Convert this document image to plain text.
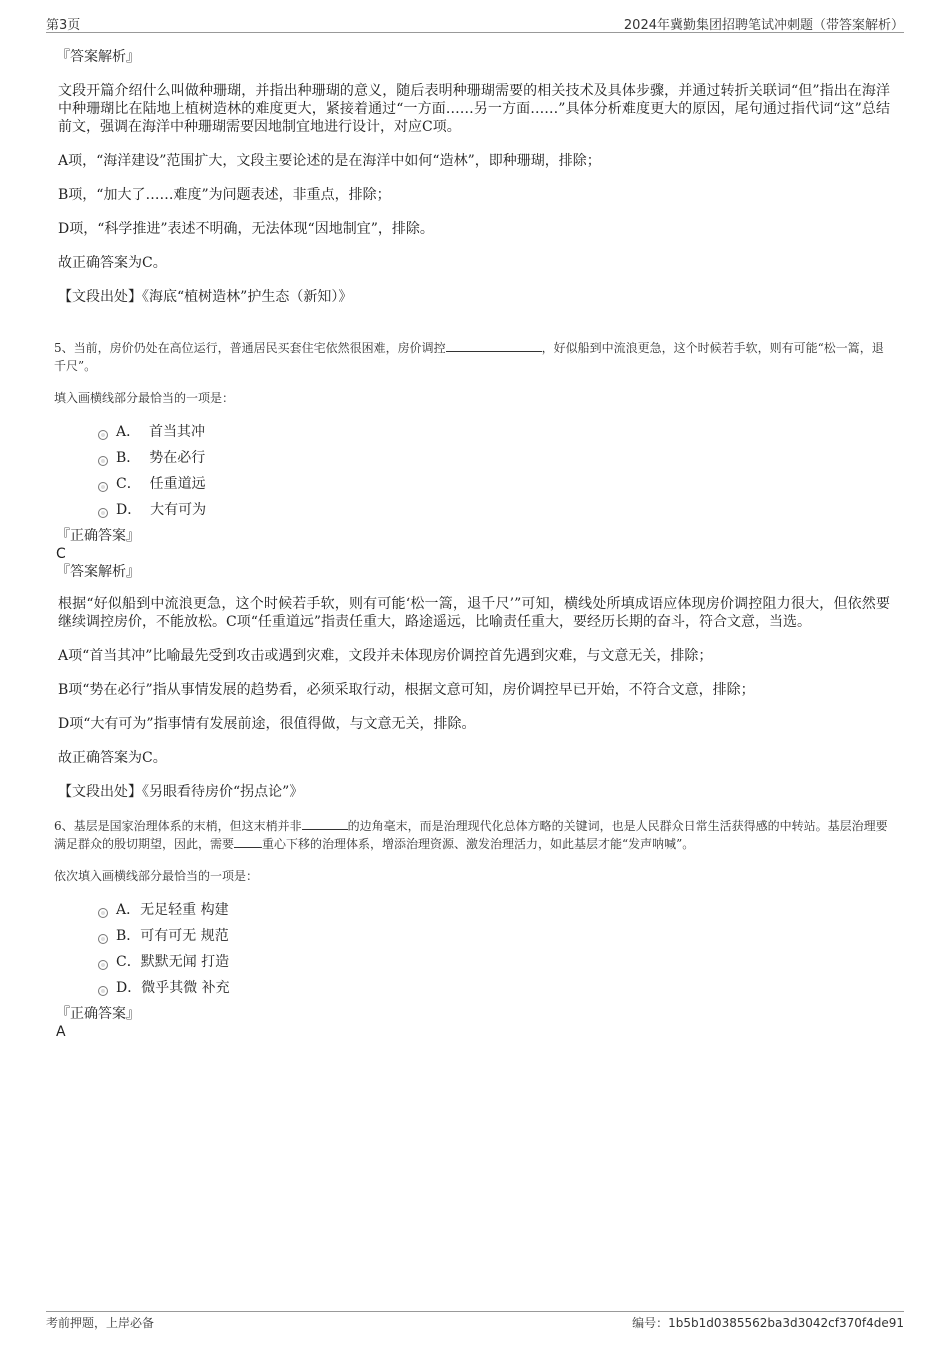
第3页	2024年冀勤集团招聘笔试冲刺题（带答案解析）
『答案解析』

文段开篇介绍什么叫做种珊瑚，并指出种珊瑚的意义，随后表明种珊瑚需要的相关技术及具体步骤，并通过转折关联词“但”指出在海洋中种珊瑚比在陆地上植树造林的难度更大，紧接着通过“一方面……另一方面……”具体分析难度更大的原因，尾句通过指代词“这”总结前文，强调在海洋中种珊瑚需要因地制宜地进行设计，对应C项。

A项，“海洋建设”范围扩大，文段主要论述的是在海洋中如何“造林”，即种珊瑚，排除；

B项，“加大了……难度”为问题表述，非重点，排除；

D项，“科学推进”表述不明确，无法体现“因地制宜”，排除。

故正确答案为C。

【文段出处】《海底“植树造林”护生态（新知）》

5、当前，房价仍处在高位运行，普通居民买套住宅依然很困难，房价调控	，好似船到中流浪更急，这个时候若手软，则有可能“松一篙，退千尺”。

填入画横线部分最恰当的一项是：

A． 首当其冲
B． 势在必行
C． 任重道远
D． 大有可为
『正确答案』
C
『答案解析』

根据“好似船到中流浪更急，这个时候若手软，则有可能‘松一篙，退千尺’”可知，横线处所填成语应体现房价调控阻力很大，但依然要继续调控房价，不能放松。C项“任重道远”指责任重大，路途遥远，比喻责任重大，要经历长期的奋斗，符合文意，当选。

A项“首当其冲”比喻最先受到攻击或遇到灾难，文段并未体现房价调控首先遇到灾难，与文意无关，排除；

B项“势在必行”指从事情发展的趋势看，必须采取行动，根据文意可知，房价调控早已开始，不符合文意，排除；

D项“大有可为”指事情有发展前途，很值得做，与文意无关，排除。

故正确答案为C。

【文段出处】《另眼看待房价“拐点论”》

6、基层是国家治理体系的末梢，但这末梢并非	的边角毫末，而是治理现代化总体方略的关键词，也是人民群众日常生活获得感的中转站。基层治理要满足群众的殷切期望，因此，需要 重心下移的治理体系，增添治理资源、激发治理活力，如此基层才能“发声呐喊”。

依次填入画横线部分最恰当的一项是：

A．无足轻重 构建
B．可有可无 规范
C．默默无闻 打造
D．微乎其微 补充
『正确答案』
A
考前押题，上岸必备	编号：1b5b1d0385562ba3d3042cf370f4de91
